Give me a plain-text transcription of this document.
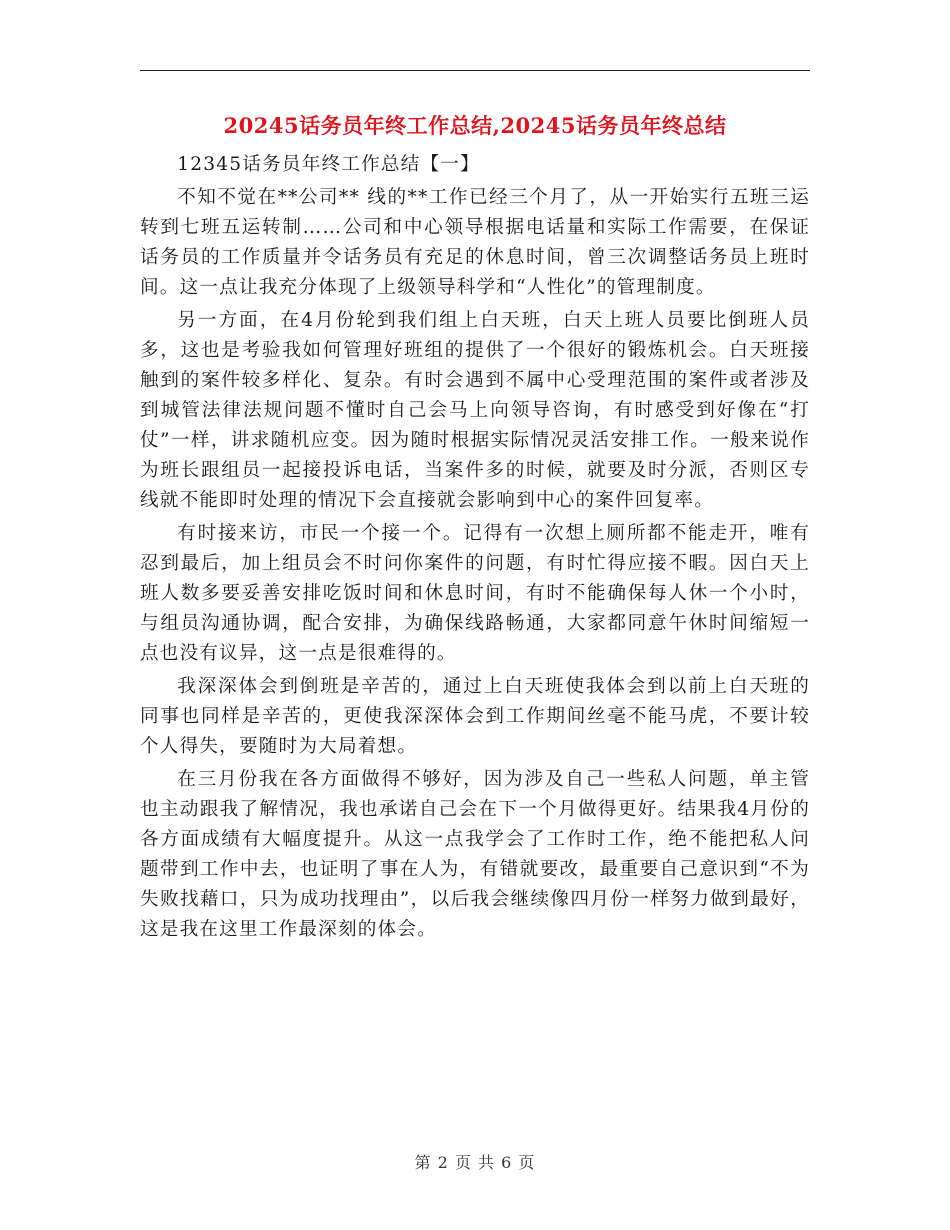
20245话务员年终工作总结,20245话务员年终总结

12345话务员年终工作总结【一】

不知不觉在**公司** 线的**工作已经三个月了，从一开始实行五班三运转到七班五运转制……公司和中心领导根据电话量和实际工作需要，在保证话务员的工作质量并令话务员有充足的休息时间，曾三次调整话务员上班时间。这一点让我充分体现了上级领导科学和“人性化”的管理制度。

另一方面，在4月份轮到我们组上白天班，白天上班人员要比倒班人员多，这也是考验我如何管理好班组的提供了一个很好的锻炼机会。白天班接触到的案件较多样化、复杂。有时会遇到不属中心受理范围的案件或者涉及到城管法律法规问题不懂时自己会马上向领导咨询，有时感受到好像在“打仗”一样，讲求随机应变。因为随时根据实际情况灵活安排工作。一般来说作为班长跟组员一起接投诉电话，当案件多的时候，就要及时分派，否则区专线就不能即时处理的情况下会直接就会影响到中心的案件回复率。

有时接来访，市民一个接一个。记得有一次想上厕所都不能走开，唯有忍到最后，加上组员会不时问你案件的问题，有时忙得应接不暇。因白天上班人数多要妥善安排吃饭时间和休息时间，有时不能确保每人休一个小时，与组员沟通协调，配合安排，为确保线路畅通，大家都同意午休时间缩短一点也没有议异，这一点是很难得的。

我深深体会到倒班是辛苦的，通过上白天班使我体会到以前上白天班的同事也同样是辛苦的，更使我深深体会到工作期间丝毫不能马虎，不要计较个人得失，要随时为大局着想。

在三月份我在各方面做得不够好，因为涉及自己一些私人问题，单主管也主动跟我了解情况，我也承诺自己会在下一个月做得更好。结果我4月份的各方面成绩有大幅度提升。从这一点我学会了工作时工作，绝不能把私人问题带到工作中去，也证明了事在人为，有错就要改，最重要自己意识到“不为失败找藉口，只为成功找理由”，以后我会继续像四月份一样努力做到最好，这是我在这里工作最深刻的体会。

第 2 页 共 6 页
